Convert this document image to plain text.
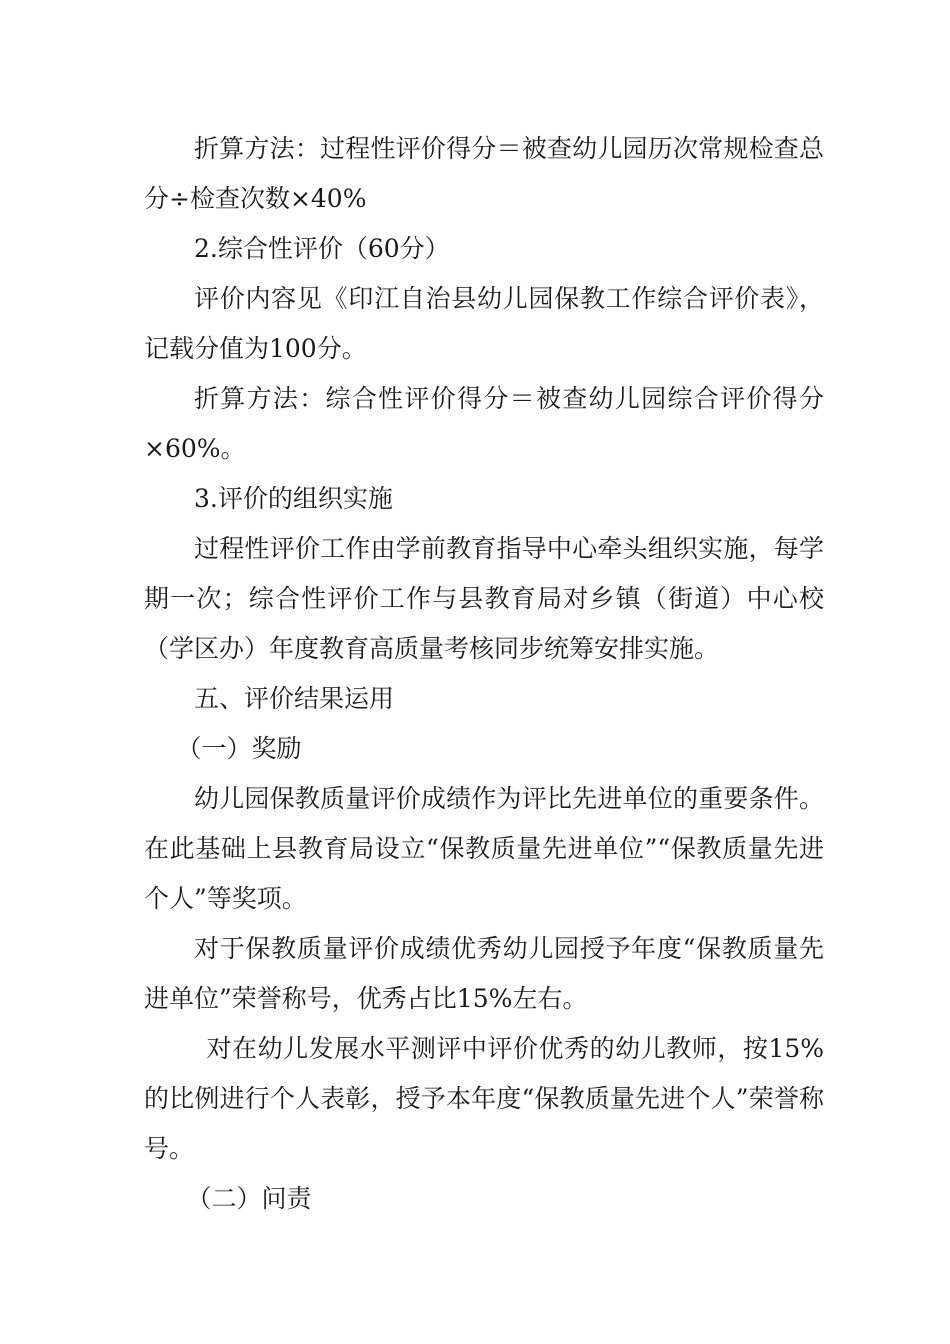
折算方法：过程性评价得分＝被查幼儿园历次常规检查总分÷检查次数×40%

2.综合性评价（60分）

评价内容见《印江自治县幼儿园保教工作综合评价表》，记载分值为100分。

折算方法：综合性评价得分＝被查幼儿园综合评价得分×60%。

3.评价的组织实施

过程性评价工作由学前教育指导中心牵头组织实施，每学期一次；综合性评价工作与县教育局对乡镇（街道）中心校（学区办）年度教育高质量考核同步统筹安排实施。

五、评价结果运用

（一）奖励

幼儿园保教质量评价成绩作为评比先进单位的重要条件。在此基础上县教育局设立“保教质量先进单位”“保教质量先进个人”等奖项。

对于保教质量评价成绩优秀幼儿园授予年度“保教质量先进单位”荣誉称号，优秀占比15%左右。

对在幼儿发展水平测评中评价优秀的幼儿教师，按15%的比例进行个人表彰，授予本年度“保教质量先进个人”荣誉称号。

（二）问责
